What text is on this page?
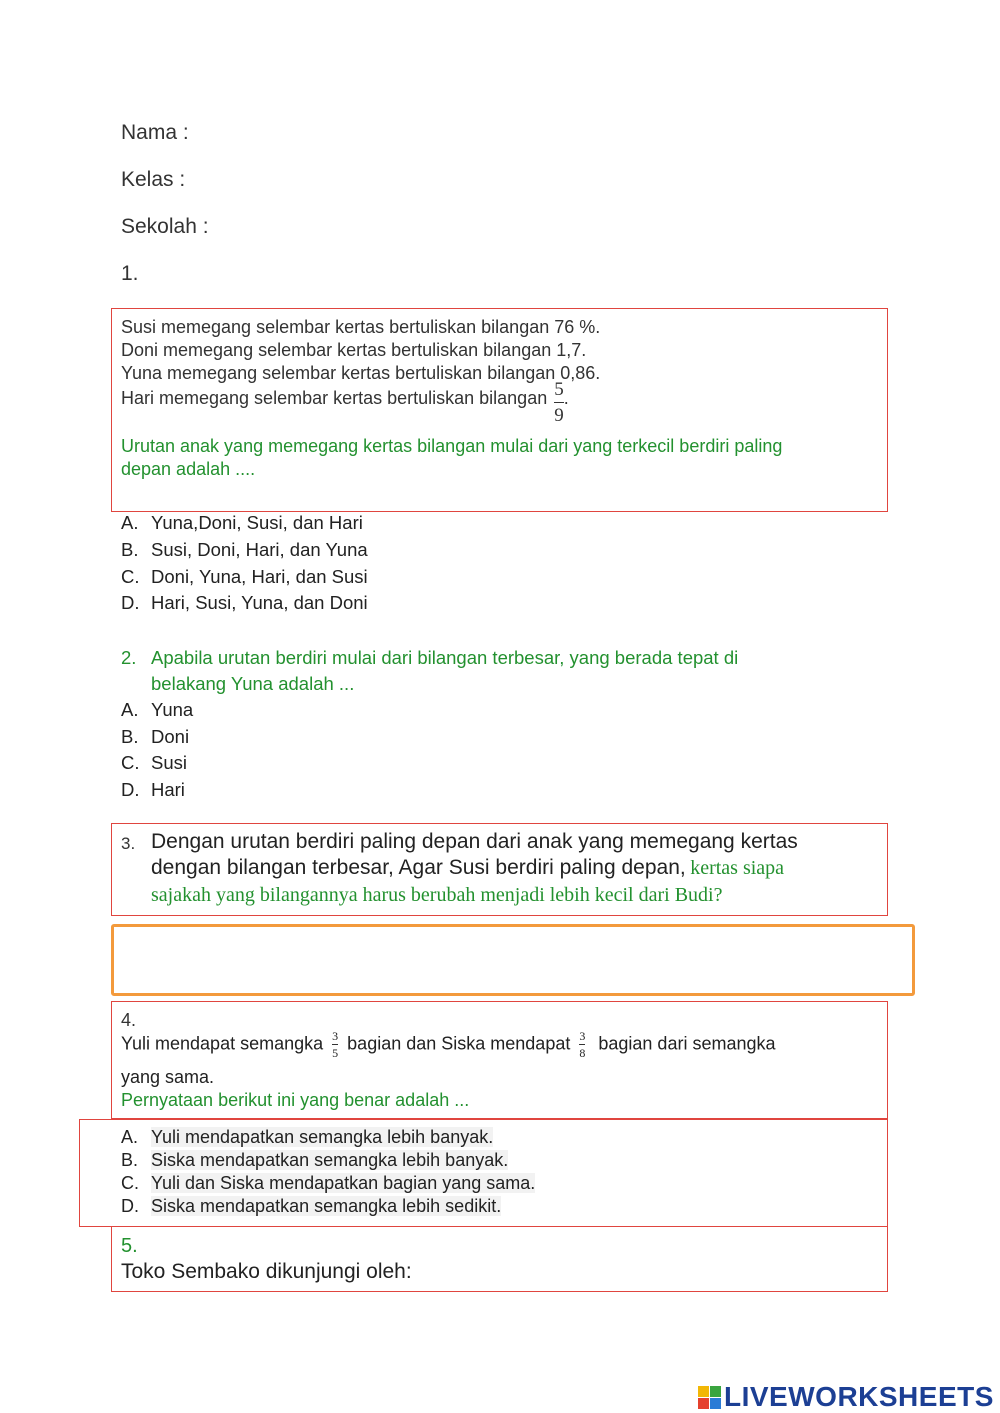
Nama :
Kelas :
Sekolah :
1.
Susi memegang selembar kertas bertuliskan bilangan 76 %.
Doni memegang selembar kertas bertuliskan bilangan 1,7.
Yuna memegang selembar kertas bertuliskan bilangan 0,86.
Hari memegang selembar kertas bertuliskan bilangan $\frac{5}{9}$ .
Urutan anak yang memegang kertas bilangan mulai dari yang terkecil berdiri paling
depan adalah ....
A. Yuna,Doni, Susi, dan Hari
B. Susi, Doni, Hari, dan Yuna
C. Doni, Yuna, Hari, dan Susi
D. Hari, Susi, Yuna, dan Doni
2. Apabila urutan berdiri mulai dari bilangan terbesar, yang berada tepat di
belakang Yuna adalah ...
A. Yuna
B. Doni
C. Susi
D. Hari
3. Dengan urutan berdiri paling depan dari anak yang memegang kertas
dengan bilangan terbesar, Agar Susi berdiri paling depan, kertas siapa
sajakah yang bilangannya harus berubah menjadi lebih kecil dari Budi?
4.
Yuli mendapat semangka $\frac{3}{5}$ bagian dan Siska mendapat $\frac{3}{8}$ bagian dari semangka
yang sama.
Pernyataan berikut ini yang benar adalah ...
A. Yuli mendapatkan semangka lebih banyak.
B. Siska mendapatkan semangka lebih banyak.
C. Yuli dan Siska mendapatkan bagian yang sama.
D. Siska mendapatkan semangka lebih sedikit.
5.
Toko Sembako dikunjungi oleh:
LIVEWORKSHEETS
